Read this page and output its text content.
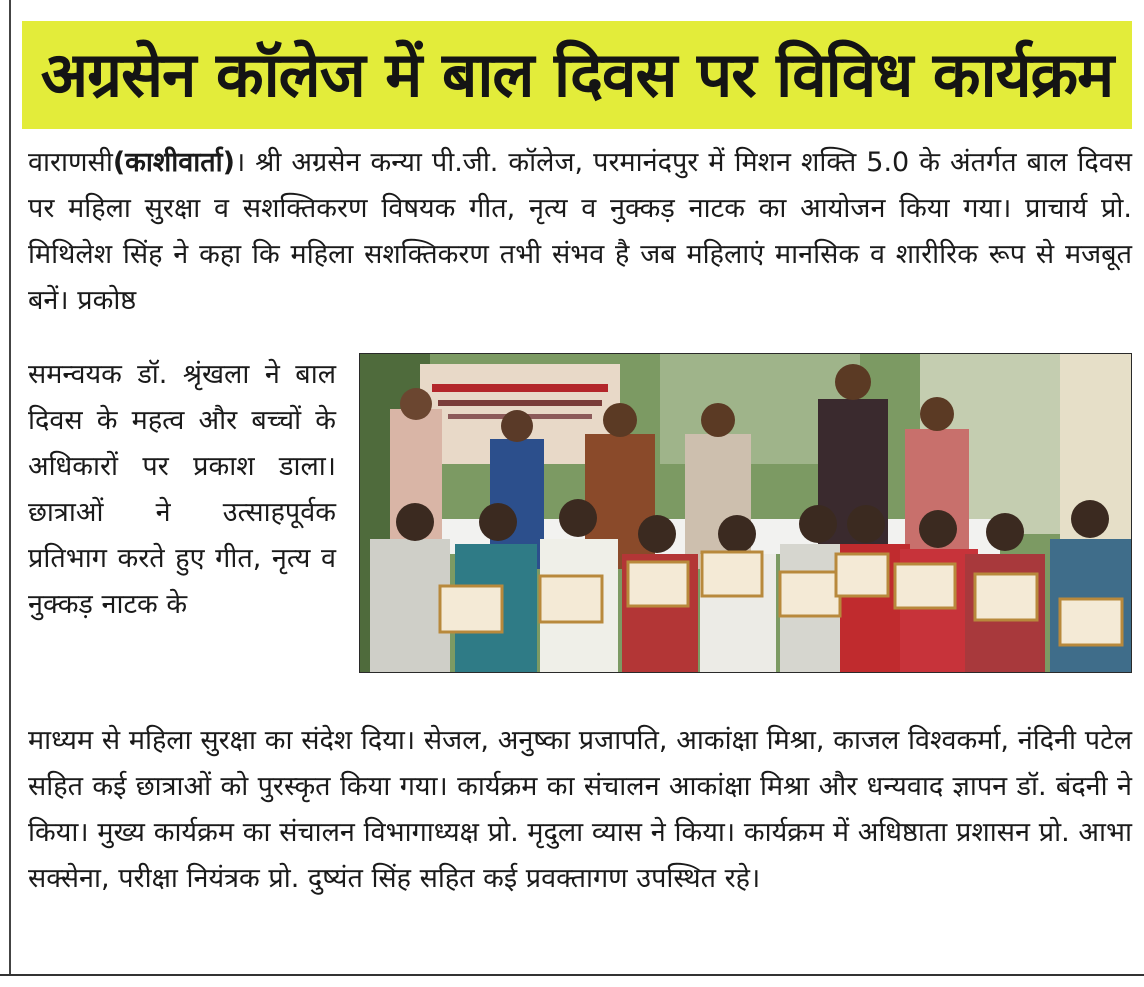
अग्रसेन कॉलेज में बाल दिवस पर विविध कार्यक्रम

वाराणसी(काशीवार्ता)। श्री अग्रसेन कन्या पी.जी. कॉलेज, परमानंदपुर में मिशन शक्ति 5.0 के अंतर्गत बाल दिवस पर महिला सुरक्षा व सशक्तिकरण विषयक गीत, नृत्य व नुक्कड़ नाटक का आयोजन किया गया। प्राचार्य प्रो. मिथिलेश सिंह ने कहा कि महिला सशक्तिकरण तभी संभव है जब महिलाएं मानसिक व शारीरिक रूप से मजबूत बनें। प्रकोष्ठ

समन्वयक डॉ. श्रृंखला ने बाल दिवस के महत्व और बच्चों के अधिकारों पर प्रकाश डाला। छात्राओं ने उत्साहपूर्वक प्रतिभाग करते हुए गीत, नृत्य व नुक्कड़ नाटक के

माध्यम से महिला सुरक्षा का संदेश दिया। सेजल, अनुष्का प्रजापति, आकांक्षा मिश्रा, काजल विश्वकर्मा, नंदिनी पटेल सहित कई छात्राओं को पुरस्कृत किया गया। कार्यक्रम का संचालन आकांक्षा मिश्रा और धन्यवाद ज्ञापन डॉ. बंदनी ने किया। मुख्य कार्यक्रम का संचालन विभागाध्यक्ष प्रो. मृदुला व्यास ने किया। कार्यक्रम में अधिष्ठाता प्रशासन प्रो. आभा सक्सेना, परीक्षा नियंत्रक प्रो. दुष्यंत सिंह सहित कई प्रवक्तागण उपस्थित रहे।
